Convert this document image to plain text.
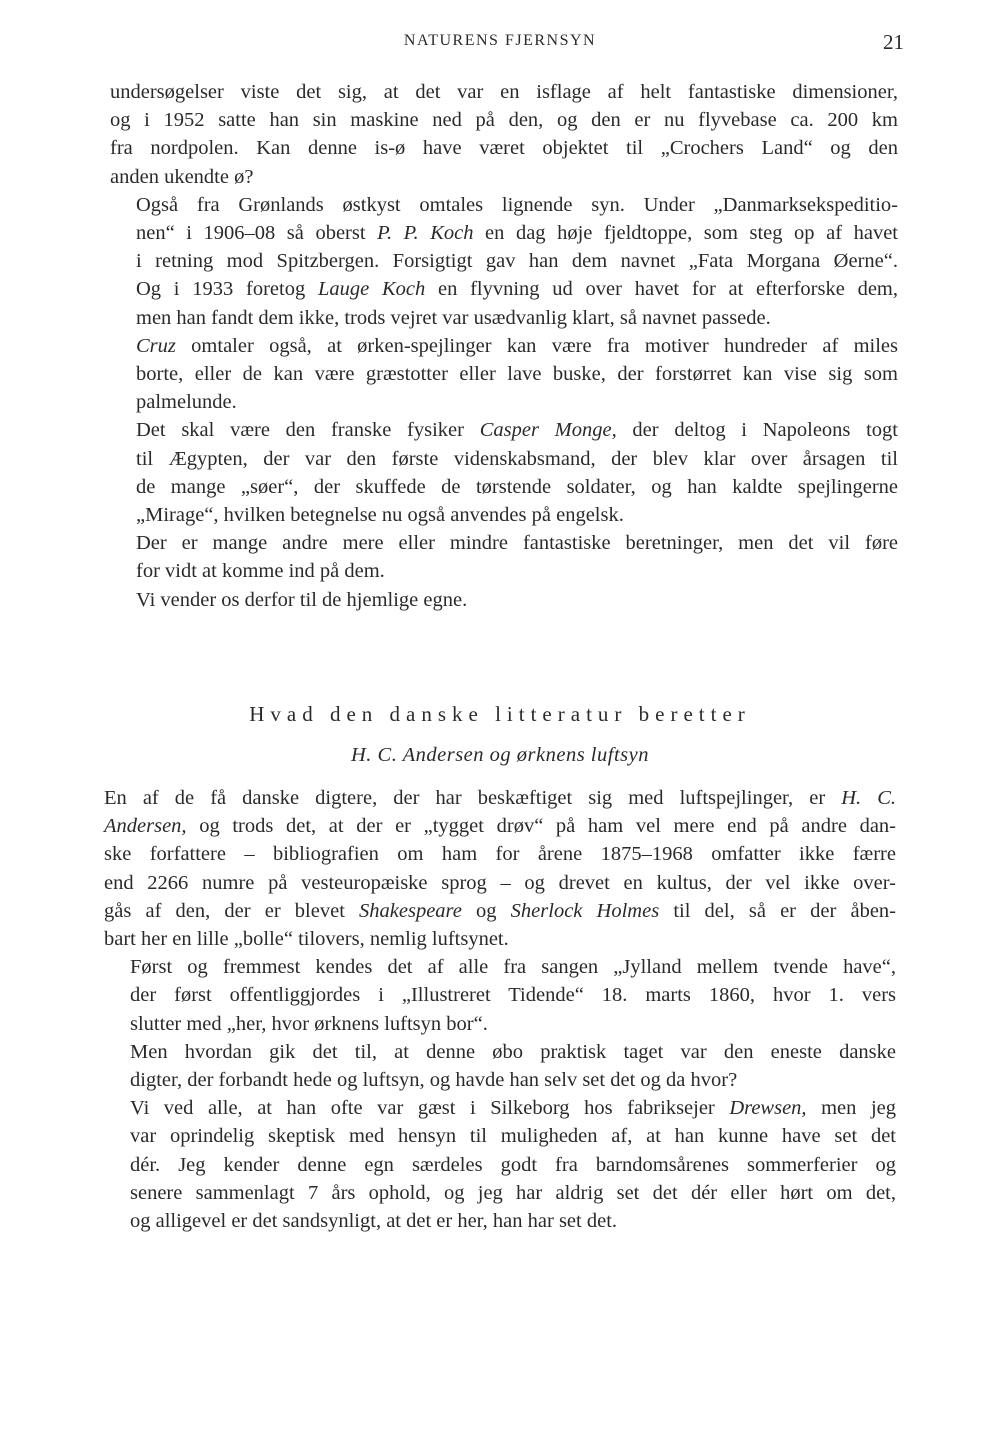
NATURENS FJERNSYN	21

undersøgelser viste det sig, at det var en isflage af helt fantastiske dimensioner,
og i 1952 satte han sin maskine ned på den, og den er nu flyvebase ca. 200 km
fra nordpolen. Kan denne is-ø have været objektet til „Crochers Land“ og den
anden ukendte ø?

Også fra Grønlands østkyst omtales lignende syn. Under „Danmarksekspeditio-
nen“ i 1906–08 så oberst P. P. Koch en dag høje fjeldtoppe, som steg op af havet
i retning mod Spitzbergen. Forsigtigt gav han dem navnet „Fata Morgana Øerne“.
Og i 1933 foretog Lauge Koch en flyvning ud over havet for at efterforske dem,
men han fandt dem ikke, trods vejret var usædvanlig klart, så navnet passede.

Cruz omtaler også, at ørken-spejlinger kan være fra motiver hundreder af miles
borte, eller de kan være græstotter eller lave buske, der forstørret kan vise sig som
palmelunde.

Det skal være den franske fysiker Casper Monge, der deltog i Napoleons togt
til Ægypten, der var den første videnskabsmand, der blev klar over årsagen til
de mange „søer“, der skuffede de tørstende soldater, og han kaldte spejlingerne
„Mirage“, hvilken betegnelse nu også anvendes på engelsk.

Der er mange andre mere eller mindre fantastiske beretninger, men det vil føre
for vidt at komme ind på dem.

Vi vender os derfor til de hjemlige egne.

Hvad den danske litteratur beretter
H. C. Andersen og ørknens luftsyn

En af de få danske digtere, der har beskæftiget sig med luftspejlinger, er H. C.
Andersen, og trods det, at der er „tygget drøv“ på ham vel mere end på andre dan-
ske forfattere – bibliografien om ham for årene 1875–1968 omfatter ikke færre
end 2266 numre på vesteuropæiske sprog – og drevet en kultus, der vel ikke over-
gås af den, der er blevet Shakespeare og Sherlock Holmes til del, så er der åben-
bart her en lille „bolle“ tilovers, nemlig luftsynet.

Først og fremmest kendes det af alle fra sangen „Jylland mellem tvende have“,
der først offentliggjordes i „Illustreret Tidende“ 18. marts 1860, hvor 1. vers
slutter med „her, hvor ørknens luftsyn bor“.

Men hvordan gik det til, at denne øbo praktisk taget var den eneste danske
digter, der forbandt hede og luftsyn, og havde han selv set det og da hvor?

Vi ved alle, at han ofte var gæst i Silkeborg hos fabriksejer Drewsen, men jeg
var oprindelig skeptisk med hensyn til muligheden af, at han kunne have set det
dér. Jeg kender denne egn særdeles godt fra barndomsårenes sommerferier og
senere sammenlagt 7 års ophold, og jeg har aldrig set det dér eller hørt om det,
og alligevel er det sandsynligt, at det er her, han har set det.
